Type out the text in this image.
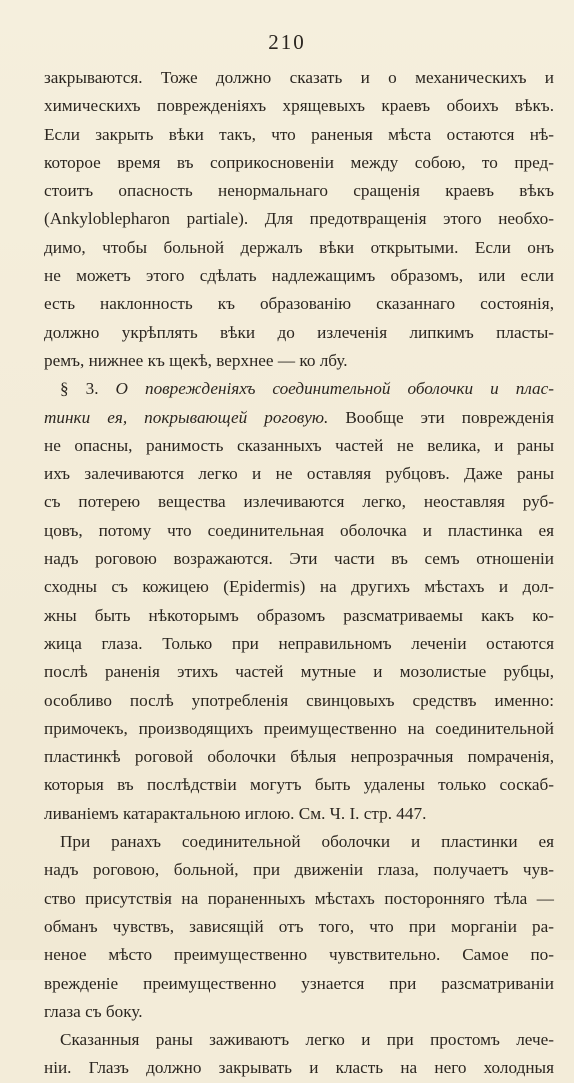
210
закрываются. Тоже должно сказать и о механическихъ и
химическихъ поврежденіяхъ хрящевыхъ краевъ обоихъ вѣкъ.
Если закрыть вѣки такъ, что раненыя мѣста остаются нѣ-
которое время въ соприкосновеніи между собою, то пред-
стоитъ опасность ненормальнаго сращенія краевъ вѣкъ
(Ankyloblepharon partiale). Для предотвращенія этого необхо-
димо, чтобы больной держалъ вѣки открытыми. Если онъ
не можетъ этого сдѣлать надлежащимъ образомъ, или если
есть наклонность къ образованію сказаннаго состоянія,
должно укрѣплять вѣки до излеченія липкимъ пласты-
ремъ, нижнее къ щекѣ, верхнее — ко лбу.
§ 3. О поврежденіяхъ соединительной оболочки и плас-
тинки ея, покрывающей роговую. Вообще эти поврежденія
не опасны, ранимость сказанныхъ частей не велика, и раны
ихъ залечиваются легко и не оставляя рубцовъ. Даже раны
съ потерею вещества излечиваются легко, неоставляя руб-
цовъ, потому что соединительная оболочка и пластинка ея
надъ роговою возражаются. Эти части въ семъ отношеніи
сходны съ кожицею (Epidermis) на другихъ мѣстахъ и дол-
жны быть нѣкоторымъ образомъ разсматриваемы какъ ко-
жица глаза. Только при неправильномъ леченіи остаются
послѣ раненія этихъ частей мутные и мозолистые рубцы,
особливо послѣ употребленія свинцовыхъ средствъ именно:
примочекъ, производящихъ преимущественно на соединительной
пластинкѣ роговой оболочки бѣлыя непрозрачныя помраченія,
которыя въ послѣдствіи могутъ быть удалены только соскаб-
ливаніемъ катарактальною иглою. См. Ч. I. стр. 447.
При ранахъ соединительной оболочки и пластинки ея
надъ роговою, больной, при движеніи глаза, получаетъ чув-
ство присутствія на пораненныхъ мѣстахъ посторонняго тѣла —
обманъ чувствъ, зависящій отъ того, что при морганіи ра-
неное мѣсто преимущественно чувствительно. Самое по-
врежденіе преимущественно узнается при разсматриваніи
глаза съ боку.
Сказанныя раны заживаютъ легко и при простомъ лече-
ніи. Глазъ должно закрывать и класть на него холодныя
